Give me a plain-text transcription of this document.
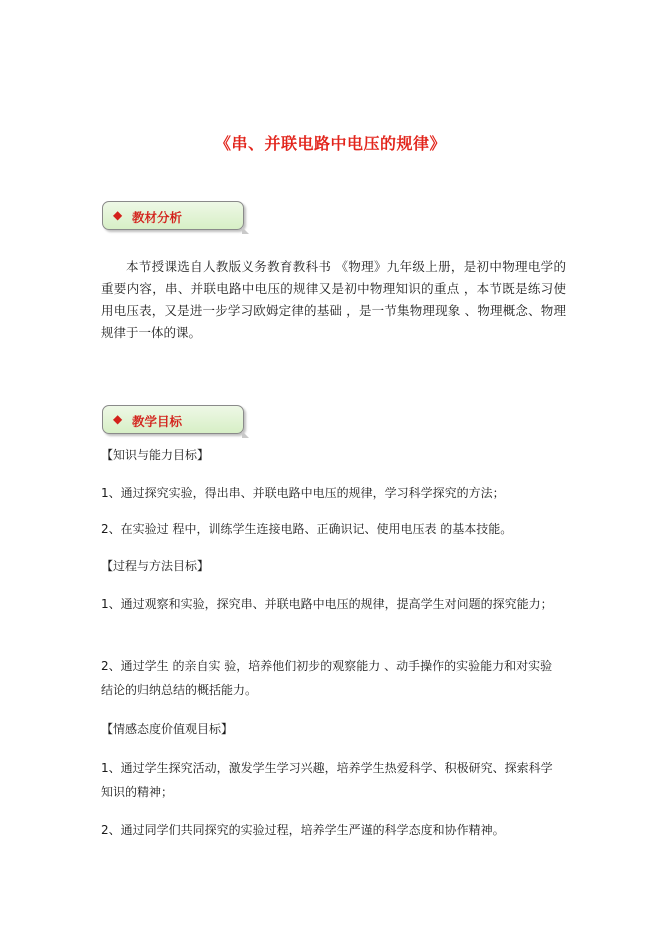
《串、并联电路中电压的规律》
◆ 教材分析
本节授课选自人教版义务教育教科书 《物理》九年级上册，是初中物理电学的重要内容，串、并联电路中电压的规律又是初中物理知识的重点 ，本节既是练习使用电压表，又是进一步学习欧姆定律的基础 ，是一节集物理现象 、物理概念、物理规律于一体的课。
◆ 教学目标
【知识与能力目标】
1、通过探究实验，得出串、并联电路中电压的规律，学习科学探究的方法；
2、在实验过 程中，训练学生连接电路、正确识记、使用电压表 的基本技能。
【过程与方法目标】
1、通过观察和实验，探究串、并联电路中电压的规律，提高学生对问题的探究能力；
2、通过学生 的亲自实 验，培养他们初步的观察能力 、动手操作的实验能力和对实验结论的归纳总结的概括能力。
【情感态度价值观目标】
1、通过学生探究活动，激发学生学习兴趣，培养学生热爱科学、积极研究、探索科学知识的精神；
2、通过同学们共同探究的实验过程，培养学生严谨的科学态度和协作精神。
